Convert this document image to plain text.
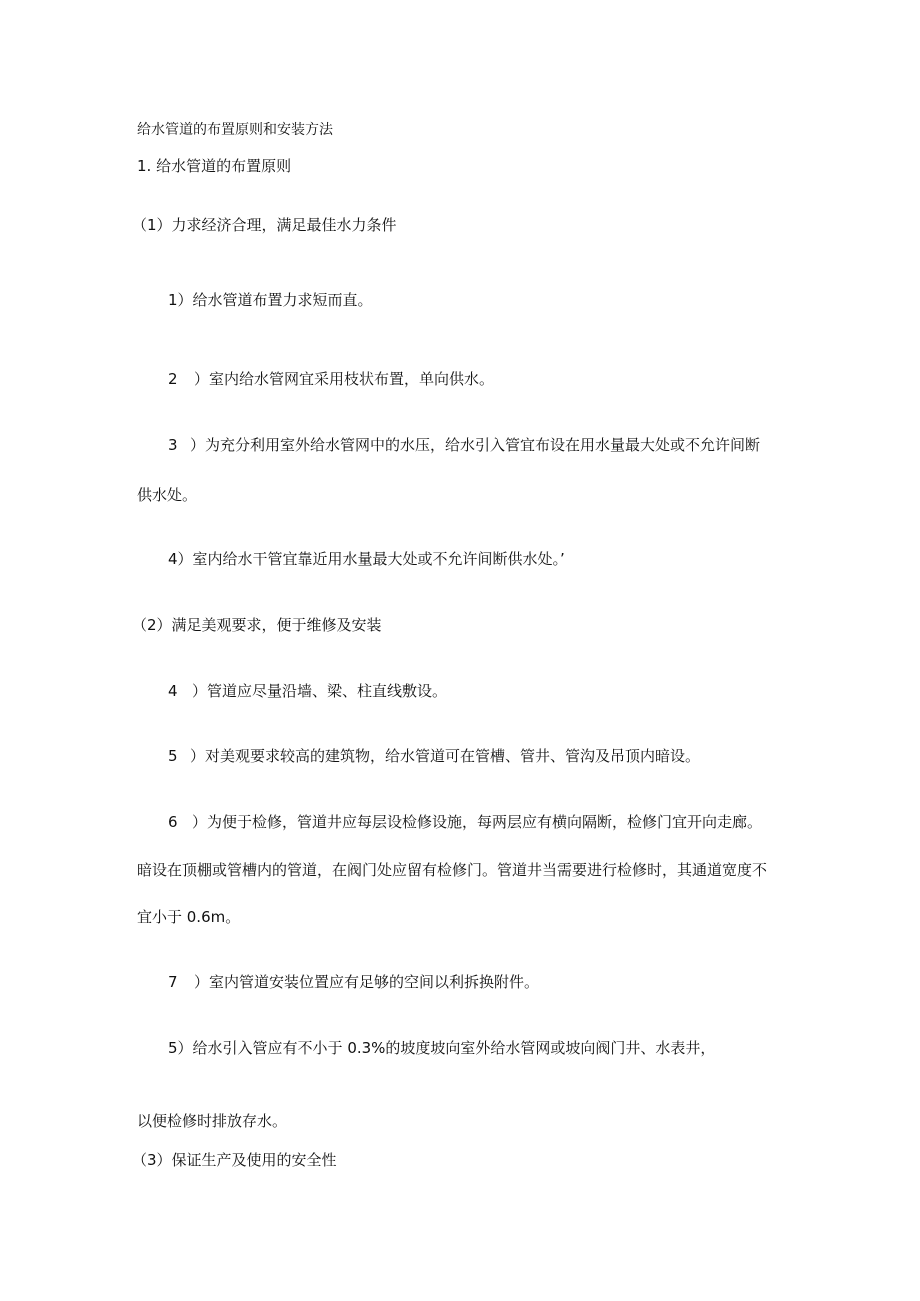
给水管道的布置原则和安装方法
1. 给水管道的布置原则
（1）力求经济合理，满足最佳水力条件
1）给水管道布置力求短而直。
2 ）室内给水管网宜采用枝状布置，单向供水。
3 ）为充分利用室外给水管网中的水压，给水引入管宜布设在用水量最大处或不允许间断
供水处。
4）室内给水干管宜靠近用水量最大处或不允许间断供水处。’
（2）满足美观要求，便于维修及安装
4 ）管道应尽量沿墙、梁、柱直线敷设。
5 ）对美观要求较高的建筑物，给水管道可在管槽、管井、管沟及吊顶内暗设。
6 ）为便于检修，管道井应每层设检修设施，每两层应有横向隔断，检修门宜开向走廊。
暗设在顶棚或管槽内的管道，在阀门处应留有检修门。管道井当需要进行检修时，其通道宽度不
宜小于 0.6m。
7 ）室内管道安装位置应有足够的空间以利拆换附件。
5）给水引入管应有不小于 0.3%的坡度坡向室外给水管网或坡向阀门井、水表井，
以便检修时排放存水。
（3）保证生产及使用的安全性
